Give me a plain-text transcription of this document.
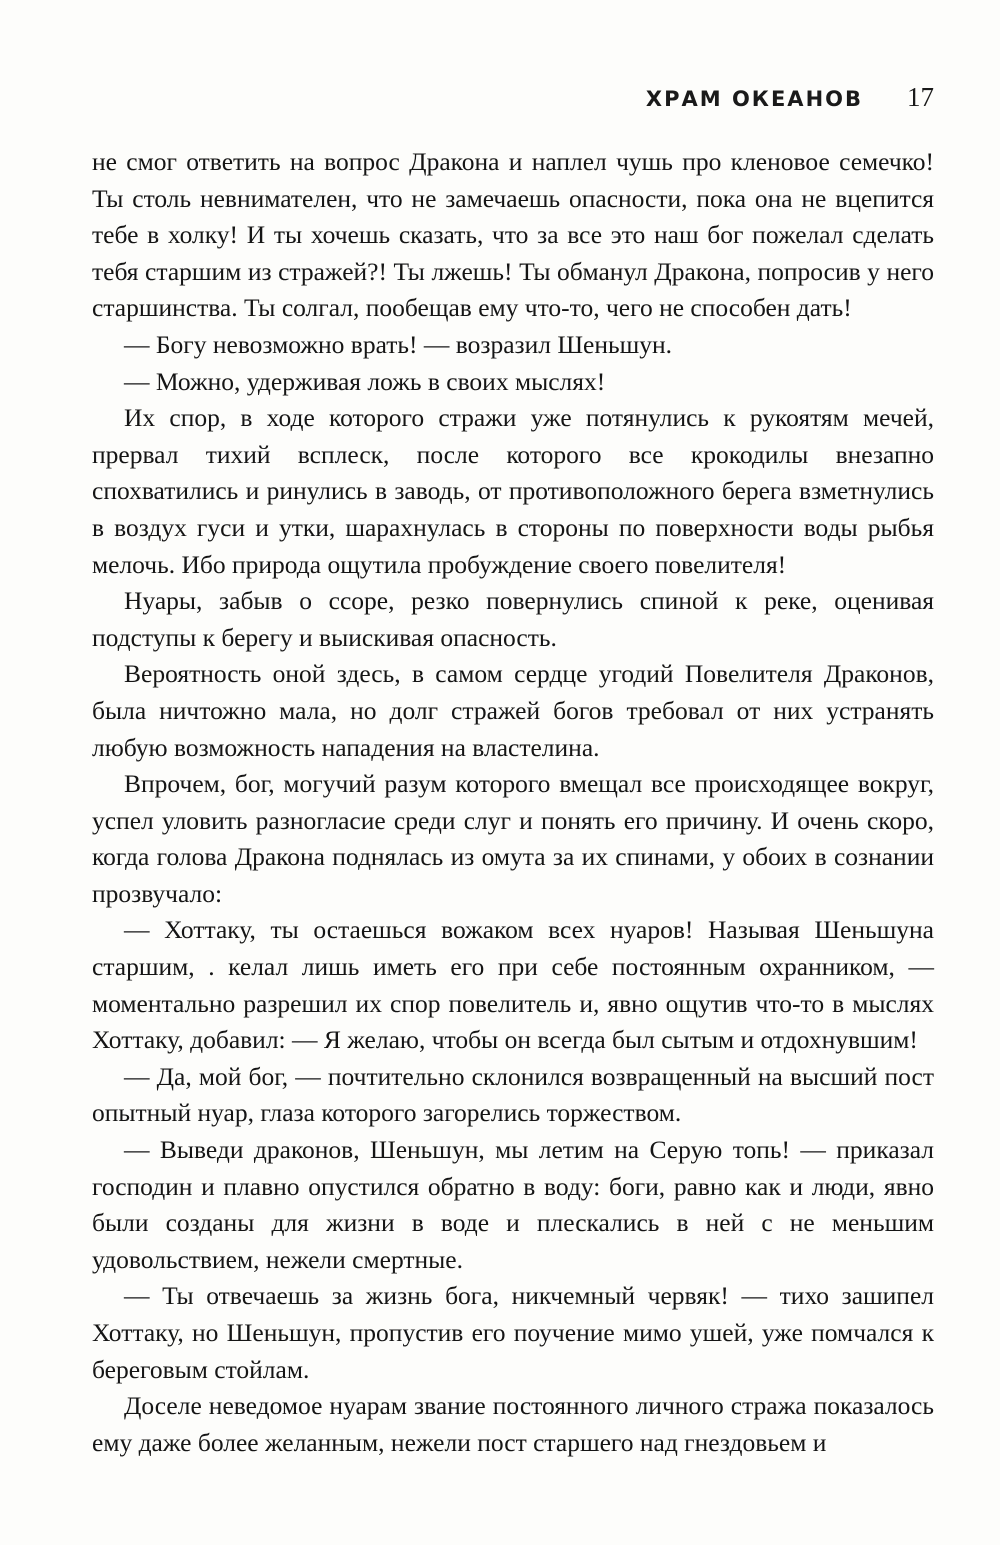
ХРАМ ОКЕАНОВ 17

не смог ответить на вопрос Дракона и наплел чушь про кленовое семечко! Ты столь невнимателен, что не замечаешь опасности, пока она не вцепится тебе в холку! И ты хочешь сказать, что за все это наш бог пожелал сделать тебя старшим из стражей?! Ты лжешь! Ты обманул Дракона, попросив у него старшинства. Ты солгал, пообещав ему что-то, чего не способен дать!

— Богу невозможно врать! — возразил Шеньшун.

— Можно, удерживая ложь в своих мыслях!

Их спор, в ходе которого стражи уже потянулись к рукоятям мечей, прервал тихий всплеск, после которого все крокодилы внезапно спохватились и ринулись в заводь, от противоположного берега взметнулись в воздух гуси и утки, шарахнулась в стороны по поверхности воды рыбья мелочь. Ибо природа ощутила пробуждение своего повелителя!

Нуары, забыв о ссоре, резко повернулись спиной к реке, оценивая подступы к берегу и выискивая опасность.

Вероятность оной здесь, в самом сердце угодий Повелителя Драконов, была ничтожно мала, но долг стражей богов требовал от них устранять любую возможность нападения на властелина.

Впрочем, бог, могучий разум которого вмещал все происходящее вокруг, успел уловить разногласие среди слуг и понять его причину. И очень скоро, когда голова Дракона поднялась из омута за их спинами, у обоих в сознании прозвучало:

— Хоттаку, ты остаешься вожаком всех нуаров! Называя Шеньшуна старшим, . келал лишь иметь его при себе постоянным охранником, — моментально разрешил их спор повелитель и, явно ощутив что-то в мыслях Хоттаку, добавил: — Я желаю, чтобы он всегда был сытым и отдохнувшим!

— Да, мой бог, — почтительно склонился возвращенный на высший пост опытный нуар, глаза которого загорелись торжеством.

— Выведи драконов, Шеньшун, мы летим на Серую топь! — приказал господин и плавно опустился обратно в воду: боги, равно как и люди, явно были созданы для жизни в воде и плескались в ней с не меньшим удовольствием, нежели смертные.

— Ты отвечаешь за жизнь бога, никчемный червяк! — тихо зашипел Хоттаку, но Шеньшун, пропустив его поучение мимо ушей, уже помчался к береговым стойлам.

Доселе неведомое нуарам звание постоянного личного стража показалось ему даже более желанным, нежели пост старшего над гнездовьем и
